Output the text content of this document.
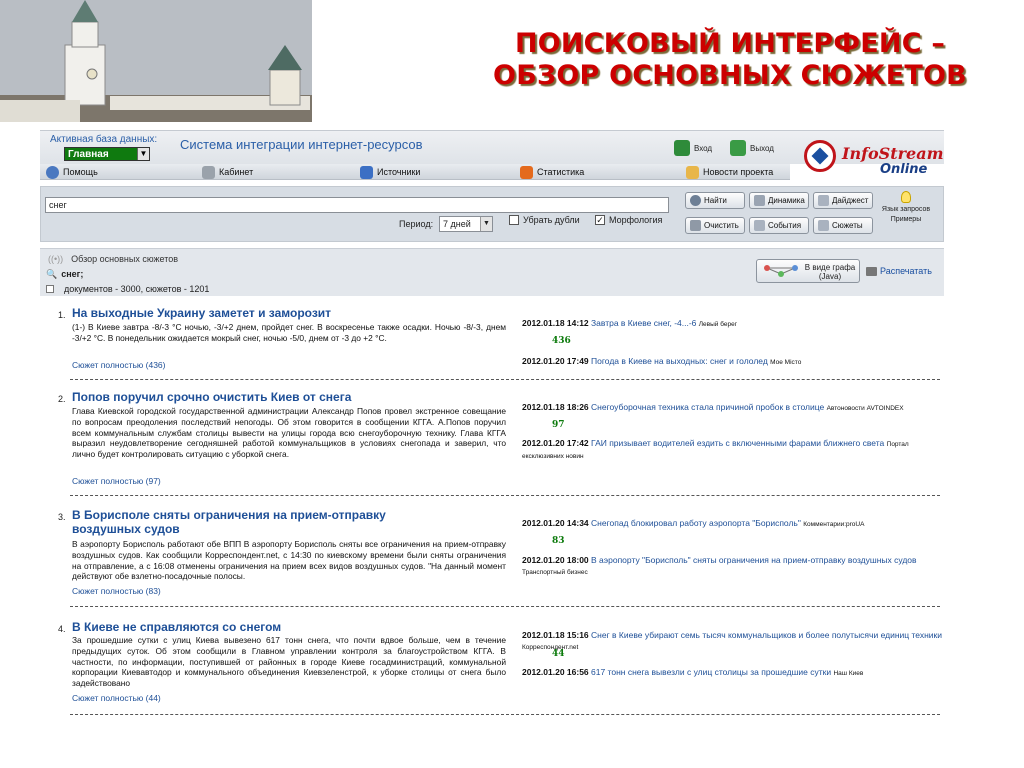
ПОИСКОВЫЙ ИНТЕРФЕЙС –
ОБЗОР ОСНОВНЫХ СЮЖЕТОВ
Активная база данных:
Главная	▼
Система интеграции интернет-ресурсов	Вход	Выход	InfoStream
Online
Помощь	Кабинет	Источники	Статистика	Новости проекта
снег
Период:	7 дней	▼	Убрать дубли ✓ Морфология
Найти	Динамика	Дайджест
Очистить	События	Сюжеты
Язык запросов
Примеры
((•)) Обзор основных сюжетов
🔍 снег;
документов - 3000, сюжетов - 1201
В виде графа
(Java)
Распечатать
1. На выходные Украину заметет и заморозит

(1-) В Киеве завтра -8/-3 °С ночью, -3/+2 днем, пройдет снег. В воскресенье также осадки. Ночью -8/-3, днем -3/+2 °С. В понедельник ожидается мокрый снег, ночью -5/0, днем от -3 до +2 °С.

Сюжет полностью (436)
2012.01.18 14:12 Завтра в Киеве снег, -4...-6 Левый берег
436
2012.01.20 17:49 Погода в Киеве на выходных: снег и гололед Мое Місто
2. Попов поручил срочно очистить Киев от снега

Глава Киевской городской государственной администрации Александр Попов провел экстренное совещание по вопросам преодоления последствий непогоды. Об этом говорится в сообщении КГГА. А.Попов поручил всем коммунальным службам столицы вывести на улицы города всю снегоуборочную технику. Глава КГГА выразил неудовлетворение сегодняшней работой коммунальщиков в условиях снегопада и заверил, что лично будет контролировать ситуацию с уборкой снега.

Сюжет полностью (97)
2012.01.18 18:26 Снегоуборочная техника стала причиной пробок в столице Автоновости AVTOINDEX
97
2012.01.20 17:42 ГАИ призывает водителей ездить с включенными фарами ближнего света Портал ексклюзивних новин
3. В Борисполе сняты ограничения на прием-отправку воздушных судов

В аэропорту Борисполь работают обе ВПП В аэропорту Борисполь сняты все ограничения на прием-отправку воздушных судов. Как сообщили Корреспондент.net, с 14:30 по киевскому времени были сняты ограничения на отправление, а с 16:08 отменены ограничения на прием всех видов воздушных судов. "На данный момент действуют обе взлетно-посадочные полосы.

Сюжет полностью (83)
2012.01.20 14:34 Снегопад блокировал работу аэропорта "Борисполь" Комментарии:proUA
83
2012.01.20 18:00 В аэропорту "Борисполь" сняты ограничения на прием-отправку воздушных судов Транспортный бизнес
4. В Киеве не справляются со снегом

За прошедшие сутки с улиц Киева вывезено 617 тонн снега, что почти вдвое больше, чем в течение предыдущих суток. Об этом сообщили в Главном управлении контроля за благоустройством КГГА. В частности, по информации, поступившей от районных в городе Киеве госадминистраций, коммунальной корпорации Киевавтодор и коммунального объединения Киевзеленстрой, к уборке столицы от снега было задействовано

Сюжет полностью (44)
2012.01.18 15:16 Снег в Киеве убирают семь тысяч коммунальщиков и более полутысячи единиц техники Корреспондент.net
44
2012.01.20 16:56 617 тонн снега вывезли с улиц столицы за прошедшие сутки Наш Киев
